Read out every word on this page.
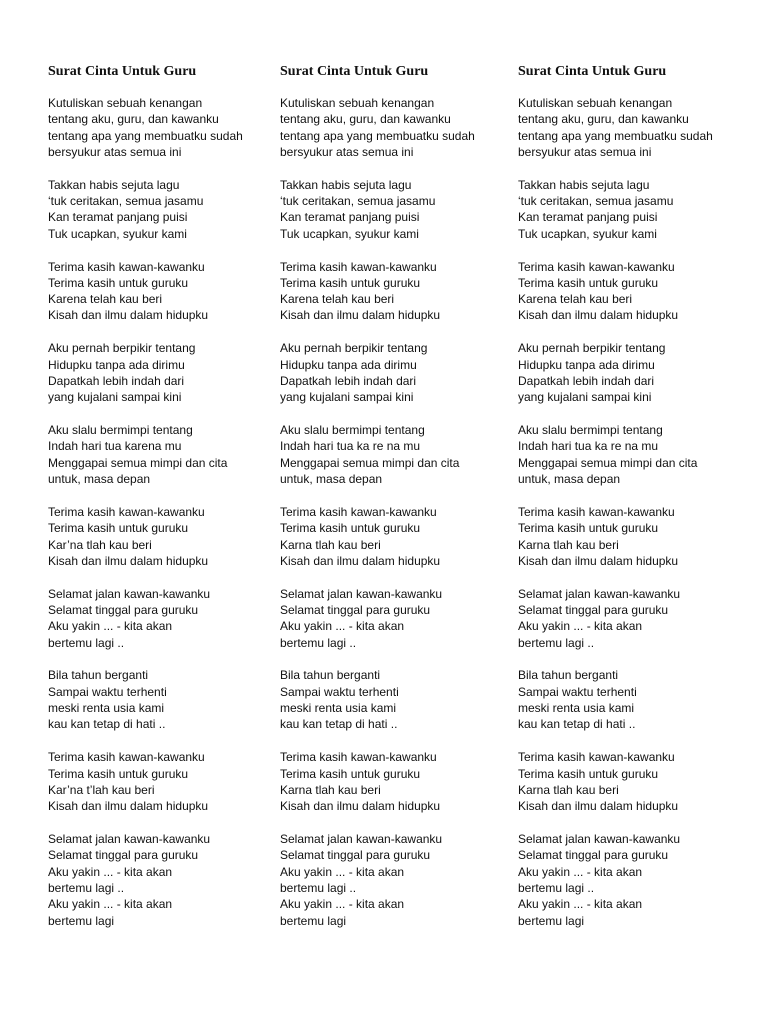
Surat Cinta Untuk Guru
Kutuliskan sebuah kenangan
tentang aku, guru, dan kawanku
tentang apa yang membuatku sudah
bersyukur atas semua ini
Takkan habis sejuta lagu
‘tuk ceritakan, semua jasamu
Kan teramat panjang puisi
Tuk ucapkan, syukur kami
Terima kasih kawan-kawanku
Terima kasih untuk guruku
Karena telah kau beri
Kisah dan ilmu dalam hidupku
Aku pernah berpikir tentang
Hidupku tanpa ada dirimu
Dapatkah lebih indah dari
yang kujalani sampai kini
Aku slalu bermimpi tentang
Indah hari tua karena mu
Menggapai semua mimpi dan cita
untuk, masa depan
Terima kasih kawan-kawanku
Terima kasih untuk guruku
Kar’na tlah kau beri
Kisah dan ilmu dalam hidupku
Selamat jalan kawan-kawanku
Selamat tinggal para guruku
Aku yakin ... - kita akan
bertemu lagi ..
Bila tahun berganti
Sampai waktu terhenti
meski renta usia kami
kau kan tetap di hati ..
Terima kasih kawan-kawanku
Terima kasih untuk guruku
Kar’na t’lah kau beri
Kisah dan ilmu dalam hidupku
Selamat jalan kawan-kawanku
Selamat tinggal para guruku
Aku yakin ... - kita akan
bertemu lagi ..
Aku yakin ... - kita akan
bertemu lagi
Surat Cinta Untuk Guru
Kutuliskan sebuah kenangan
tentang aku, guru, dan kawanku
tentang apa yang membuatku sudah
bersyukur atas semua ini
Takkan habis sejuta lagu
‘tuk ceritakan, semua jasamu
Kan teramat panjang puisi
Tuk ucapkan, syukur kami
Terima kasih kawan-kawanku
Terima kasih untuk guruku
Karena telah kau beri
Kisah dan ilmu dalam hidupku
Aku pernah berpikir tentang
Hidupku tanpa ada dirimu
Dapatkah lebih indah dari
yang kujalani sampai kini
Aku slalu bermimpi tentang
Indah hari tua ka re na mu
Menggapai semua mimpi dan cita
untuk, masa depan
Terima kasih kawan-kawanku
Terima kasih untuk guruku
Karna tlah kau beri
Kisah dan ilmu dalam hidupku
Selamat jalan kawan-kawanku
Selamat tinggal para guruku
Aku yakin ... - kita akan
bertemu lagi ..
Bila tahun berganti
Sampai waktu terhenti
meski renta usia kami
kau kan tetap di hati ..
Terima kasih kawan-kawanku
Terima kasih untuk guruku
Karna tlah kau beri
Kisah dan ilmu dalam hidupku
Selamat jalan kawan-kawanku
Selamat tinggal para guruku
Aku yakin ... - kita akan
bertemu lagi ..
Aku yakin ... - kita akan
bertemu lagi
Surat Cinta Untuk Guru
Kutuliskan sebuah kenangan
tentang aku, guru, dan kawanku
tentang apa yang membuatku sudah
bersyukur atas semua ini
Takkan habis sejuta lagu
‘tuk ceritakan, semua jasamu
Kan teramat panjang puisi
Tuk ucapkan, syukur kami
Terima kasih kawan-kawanku
Terima kasih untuk guruku
Karena telah kau beri
Kisah dan ilmu dalam hidupku
Aku pernah berpikir tentang
Hidupku tanpa ada dirimu
Dapatkah lebih indah dari
yang kujalani sampai kini
Aku slalu bermimpi tentang
Indah hari tua ka re na mu
Menggapai semua mimpi dan cita
untuk, masa depan
Terima kasih kawan-kawanku
Terima kasih untuk guruku
Karna tlah kau beri
Kisah dan ilmu dalam hidupku
Selamat jalan kawan-kawanku
Selamat tinggal para guruku
Aku yakin ... - kita akan
bertemu lagi ..
Bila tahun berganti
Sampai waktu terhenti
meski renta usia kami
kau kan tetap di hati ..
Terima kasih kawan-kawanku
Terima kasih untuk guruku
Karna tlah kau beri
Kisah dan ilmu dalam hidupku
Selamat jalan kawan-kawanku
Selamat tinggal para guruku
Aku yakin ... - kita akan
bertemu lagi ..
Aku yakin ... - kita akan
bertemu lagi
